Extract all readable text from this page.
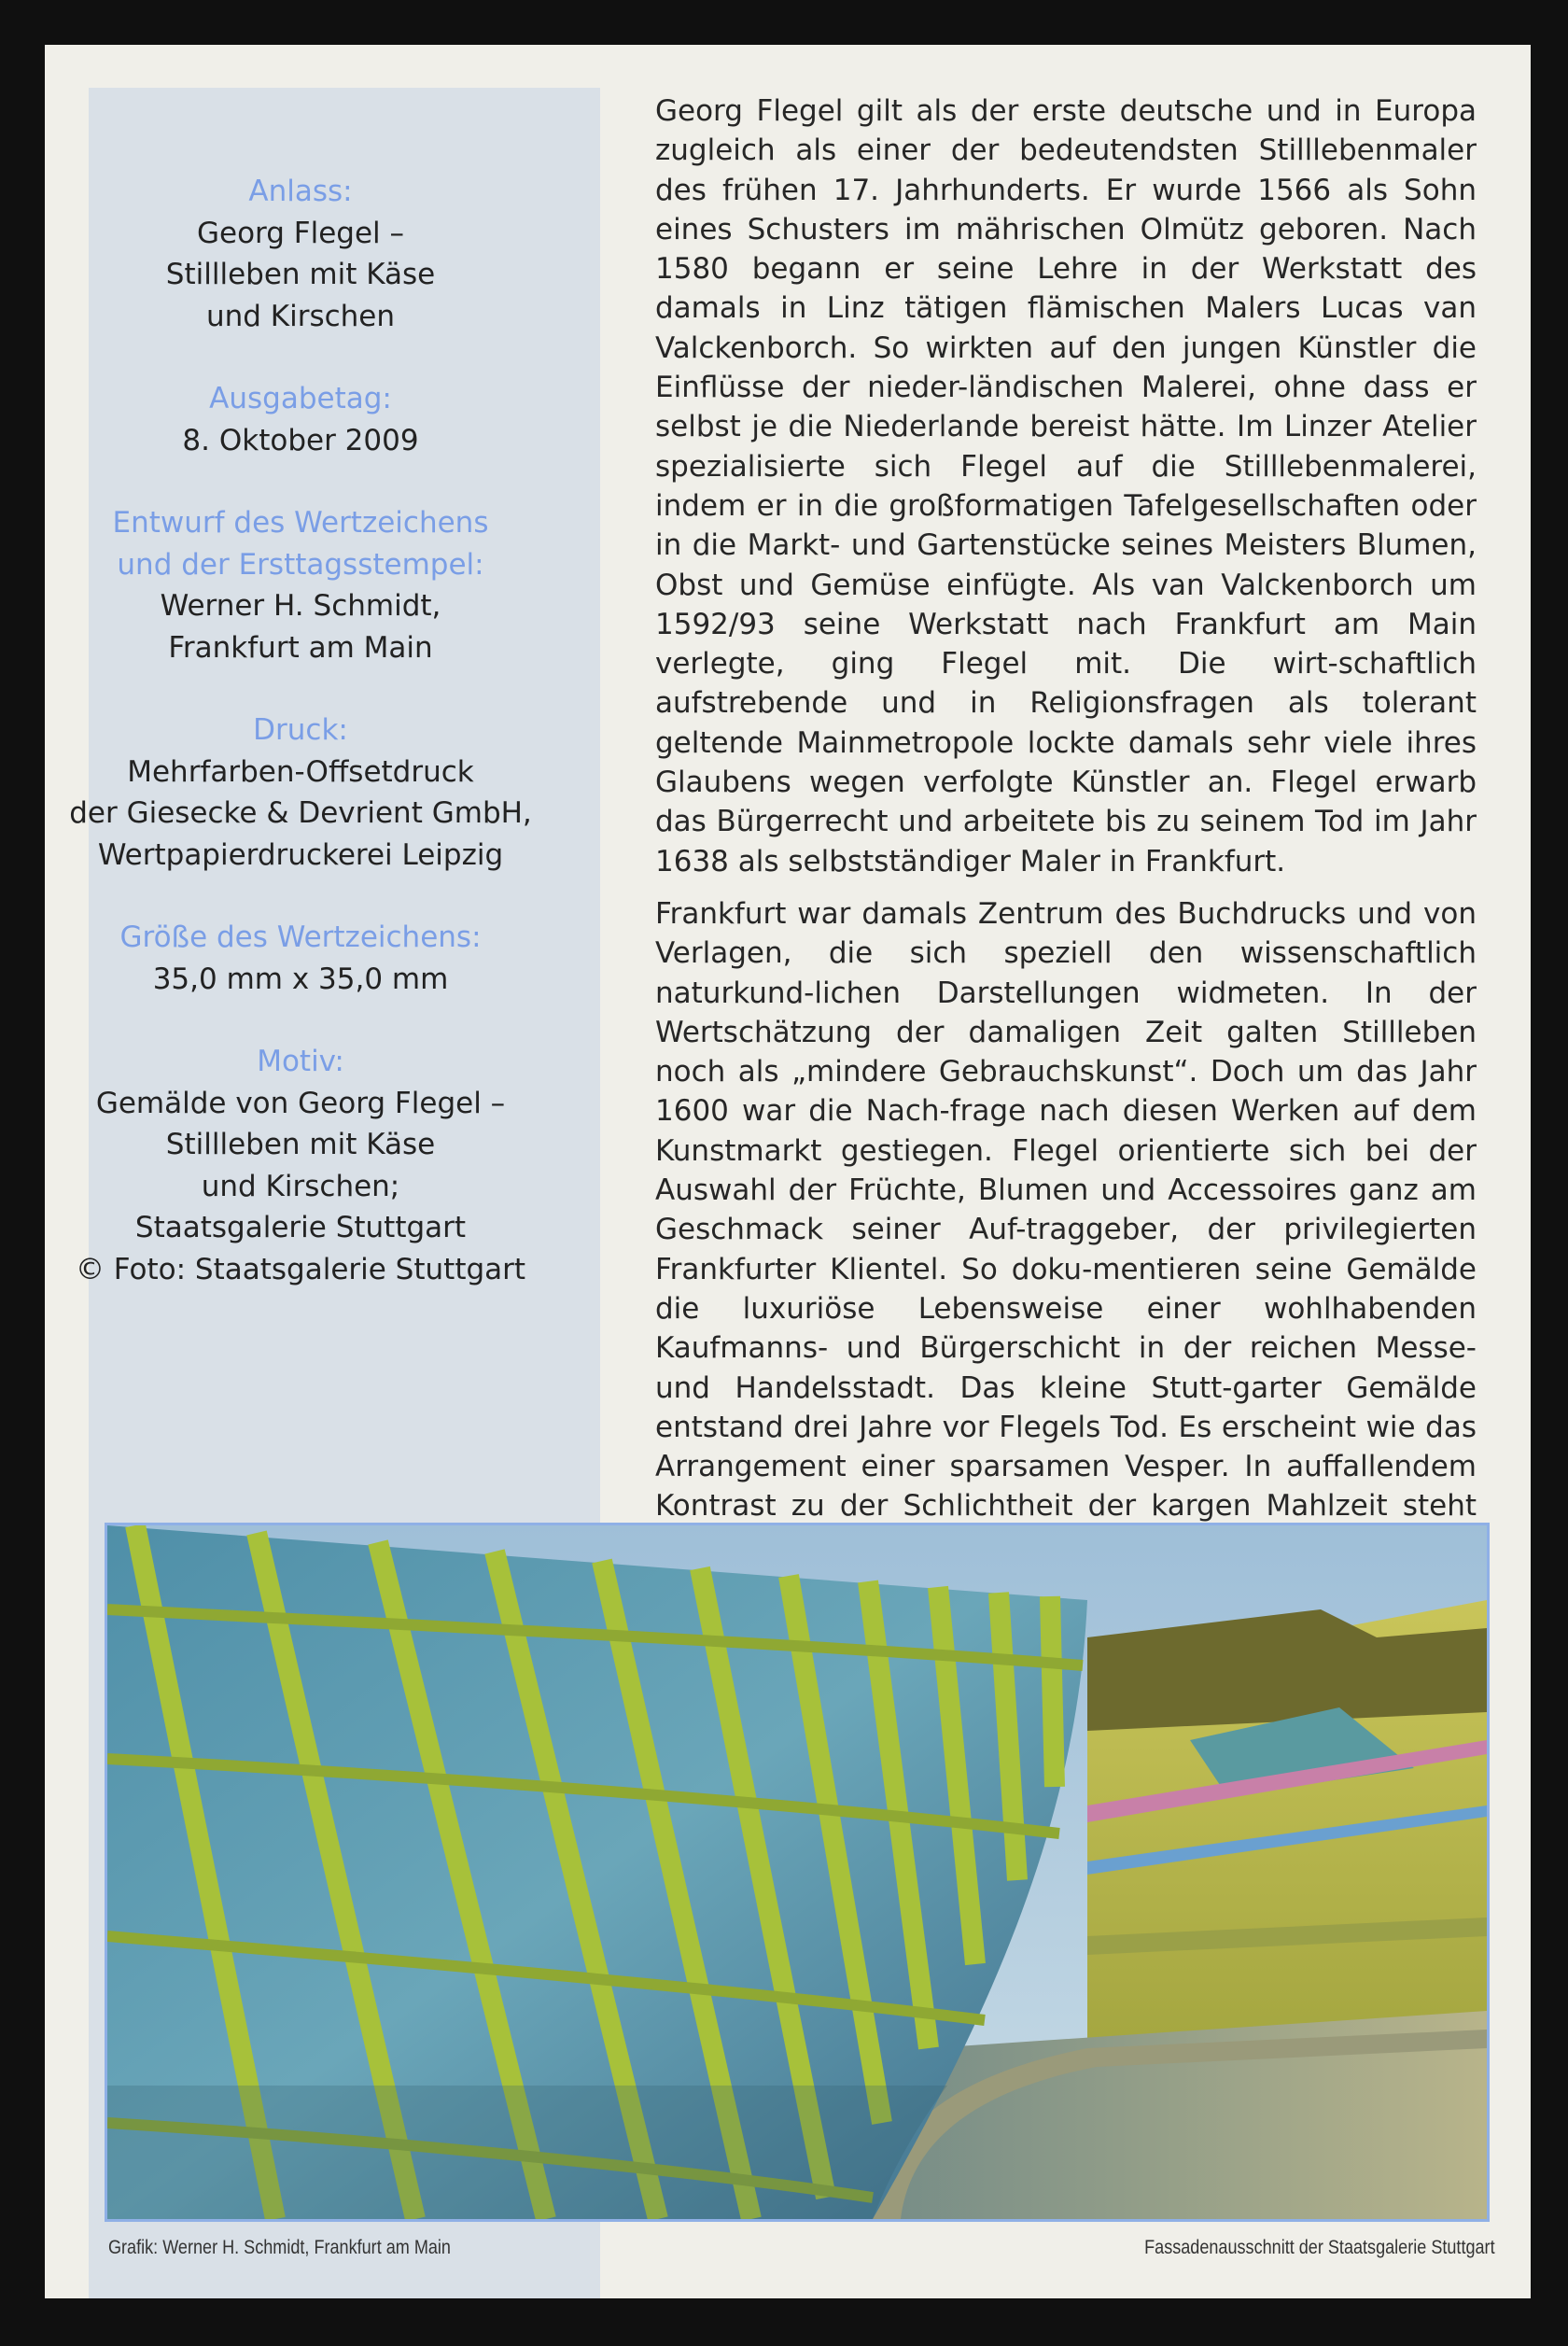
Anlass:
Georg Flegel –
Stillleben mit Käse
und Kirschen
Ausgabetag:
8. Oktober 2009
Entwurf des Wertzeichens
und der Ersttagsstempel:
Werner H. Schmidt,
Frankfurt am Main
Druck:
Mehrfarben-Offsetdruck
der Giesecke & Devrient GmbH,
Wertpapierdruckerei Leipzig
Größe des Wertzeichens:
35,0 mm x 35,0 mm
Motiv:
Gemälde von Georg Flegel –
Stillleben mit Käse
und Kirschen;
Staatsgalerie Stuttgart
© Foto: Staatsgalerie Stuttgart

Georg Flegel gilt als der erste deutsche und in Europa zugleich als einer der bedeutendsten Stilllebenmaler des frühen 17. Jahrhunderts. Er wurde 1566 als Sohn eines Schusters im mährischen Olmütz geboren. Nach 1580 begann er seine Lehre in der Werkstatt des damals in Linz tätigen flämischen Malers Lucas van Valckenborch. So wirkten auf den jungen Künstler die Einflüsse der nieder-ländischen Malerei, ohne dass er selbst je die Niederlande bereist hätte. Im Linzer Atelier spezialisierte sich Flegel auf die Stilllebenmalerei, indem er in die großformatigen Tafelgesellschaften oder in die Markt- und Gartenstücke seines Meisters Blumen, Obst und Gemüse einfügte. Als van Valckenborch um 1592/93 seine Werkstatt nach Frankfurt am Main verlegte, ging Flegel mit. Die wirt-schaftlich aufstrebende und in Religionsfragen als tolerant geltende Mainmetropole lockte damals sehr viele ihres Glaubens wegen verfolgte Künstler an. Flegel erwarb das Bürgerrecht und arbeitete bis zu seinem Tod im Jahr 1638 als selbstständiger Maler in Frankfurt.

Frankfurt war damals Zentrum des Buchdrucks und von Verlagen, die sich speziell den wissenschaftlich naturkund-lichen Darstellungen widmeten. In der Wertschätzung der damaligen Zeit galten Stillleben noch als „mindere Gebrauchskunst“. Doch um das Jahr 1600 war die Nach-frage nach diesen Werken auf dem Kunstmarkt gestiegen. Flegel orientierte sich bei der Auswahl der Früchte, Blumen und Accessoires ganz am Geschmack seiner Auf-traggeber, der privilegierten Frankfurter Klientel. So doku-mentieren seine Gemälde die luxuriöse Lebensweise einer wohlhabenden Kaufmanns- und Bürgerschicht in der reichen Messe- und Handelsstadt. Das kleine Stutt-garter Gemälde entstand drei Jahre vor Flegels Tod. Es erscheint wie das Arrangement einer sparsamen Vesper. In auffallendem Kontrast zu der Schlichtheit der kargen Mahlzeit steht

Grafik: Werner H. Schmidt, Frankfurt am Main	Fassadenausschnitt der Staatsgalerie Stuttgart
